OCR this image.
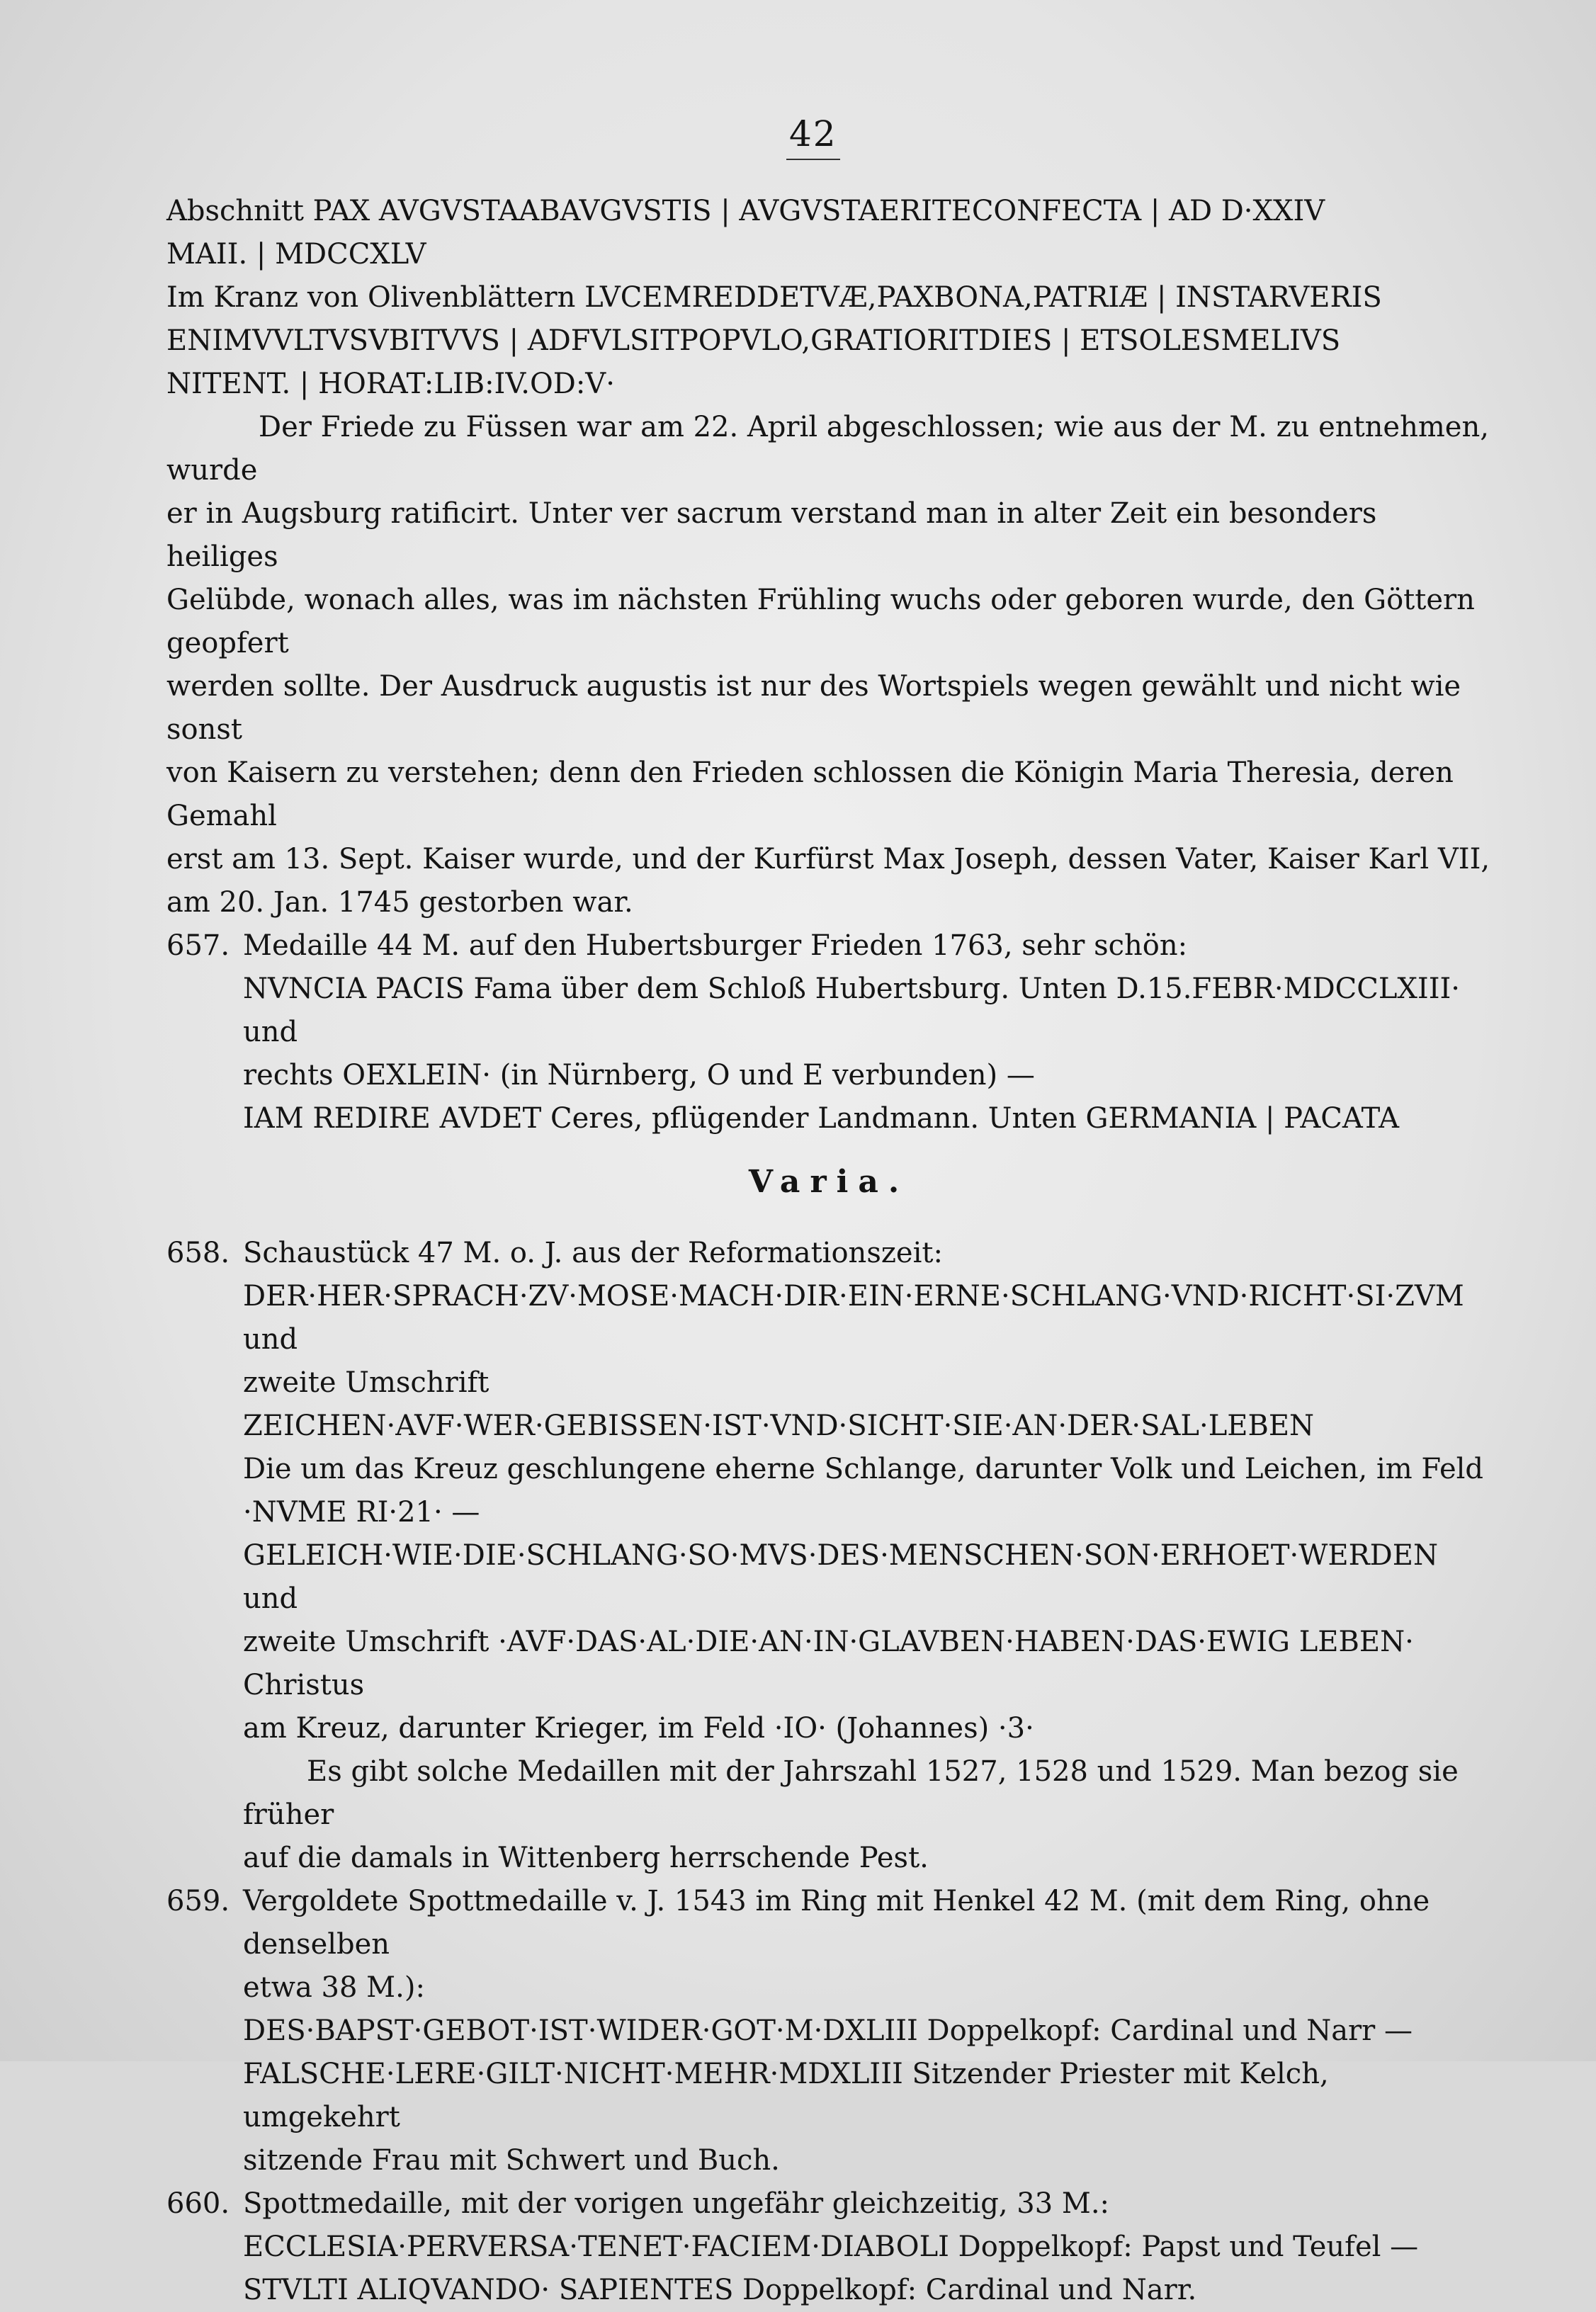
42

Abschnitt PAX AVGVSTAABAVGVSTIS | AVGVSTAERITECONFECTA | AD D·XXIV

MAII. | MDCCXLV

Im Kranz von Olivenblättern LVCEMREDDETVÆ,PAXBONA,PATRIÆ | INSTARVERIS

ENIMVVLTVSVBITVVS | ADFVLSITPOPVLO,GRATIORITDIES | ETSOLESMELIVS

NITENT. | HORAT:LIB:IV.OD:V·

Der Friede zu Füssen war am 22. April abgeschlossen; wie aus der M. zu entnehmen, wurde

er in Augsburg ratificirt. Unter ver sacrum verstand man in alter Zeit ein besonders heiliges

Gelübde, wonach alles, was im nächsten Frühling wuchs oder geboren wurde, den Göttern geopfert

werden sollte. Der Ausdruck augustis ist nur des Wortspiels wegen gewählt und nicht wie sonst

von Kaisern zu verstehen; denn den Frieden schlossen die Königin Maria Theresia, deren Gemahl

erst am 13. Sept. Kaiser wurde, und der Kurfürst Max Joseph, dessen Vater, Kaiser Karl VII,

am 20. Jan. 1745 gestorben war.

657. Medaille 44 M. auf den Hubertsburger Frieden 1763, sehr schön:

NVNCIA PACIS Fama über dem Schloß Hubertsburg. Unten D.15.FEBR·MDCCLXIII· und

rechts OEXLEIN· (in Nürnberg, O und E verbunden) —

IAM REDIRE AVDET Ceres, pflügender Landmann. Unten GERMANIA | PACATA

Varia.

658. Schaustück 47 M. o. J. aus der Reformationszeit:

DER·HER·SPRACH·ZV·MOSE·MACH·DIR·EIN·ERNE·SCHLANG·VND·RICHT·SI·ZVM und

zweite Umschrift ZEICHEN·AVF·WER·GEBISSEN·IST·VND·SICHT·SIE·AN·DER·SAL·LEBEN

Die um das Kreuz geschlungene eherne Schlange, darunter Volk und Leichen, im Feld ·NVME RI·21· —

GELEICH·WIE·DIE·SCHLANG·SO·MVS·DES·MENSCHEN·SON·ERHOET·WERDEN und

zweite Umschrift ·AVF·DAS·AL·DIE·AN·IN·GLAVBEN·HABEN·DAS·EWIG LEBEN· Christus

am Kreuz, darunter Krieger, im Feld ·IO· (Johannes) ·3·

Es gibt solche Medaillen mit der Jahrszahl 1527, 1528 und 1529. Man bezog sie früher

auf die damals in Wittenberg herrschende Pest.

659. Vergoldete Spottmedaille v. J. 1543 im Ring mit Henkel 42 M. (mit dem Ring, ohne denselben

etwa 38 M.):

DES·BAPST·GEBOT·IST·WIDER·GOT·M·DXLIII Doppelkopf: Cardinal und Narr —

FALSCHE·LERE·GILT·NICHT·MEHR·MDXLIII Sitzender Priester mit Kelch, umgekehrt

sitzende Frau mit Schwert und Buch.

660. Spottmedaille, mit der vorigen ungefähr gleichzeitig, 33 M.:

ECCLESIA·PERVERSA·TENET·FACIEM·DIABOLI Doppelkopf: Papst und Teufel —

STVLTI ALIQVANDO· SAPIENTES Doppelkopf: Cardinal und Narr.
